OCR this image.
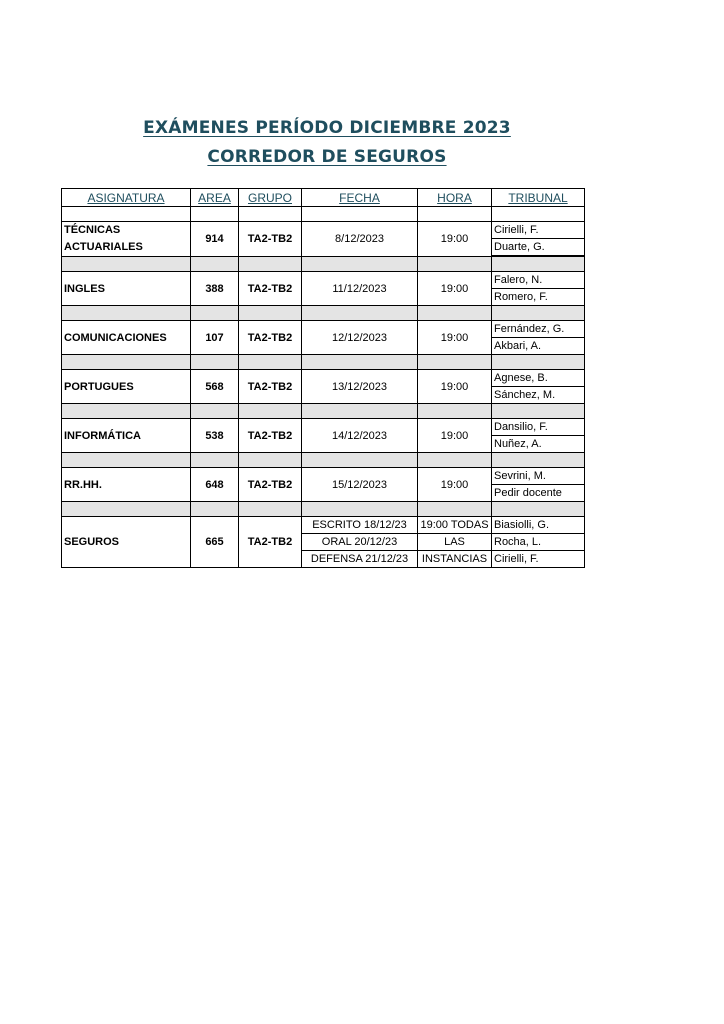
EXÁMENES PERÍODO DICIEMBRE 2023
CORREDOR DE SEGUROS
ASIGNATURA	AREA	GRUPO	FECHA	HORA	TRIBUNAL

TÉCNICAS ACTUARIALES	914	TA2-TB2	8/12/2023	19:00	Cirielli, F.
					Duarte, G.

INGLES	388	TA2-TB2	11/12/2023	19:00	Falero, N.
					Romero, F.

COMUNICACIONES	107	TA2-TB2	12/12/2023	19:00	Fernández, G.
					Akbari, A.

PORTUGUES	568	TA2-TB2	13/12/2023	19:00	Agnese, B.
					Sánchez, M.

INFORMÁTICA	538	TA2-TB2	14/12/2023	19:00	Dansilio, F.
					Nuñez, A.

RR.HH.	648	TA2-TB2	15/12/2023	19:00	Sevrini, M.
					Pedir docente

SEGUROS	665	TA2-TB2	ESCRITO 18/12/23	19:00 TODAS	Biasiolli, G.
			ORAL 20/12/23	LAS	Rocha, L.
			DEFENSA 21/12/23	INSTANCIAS	Cirielli, F.
